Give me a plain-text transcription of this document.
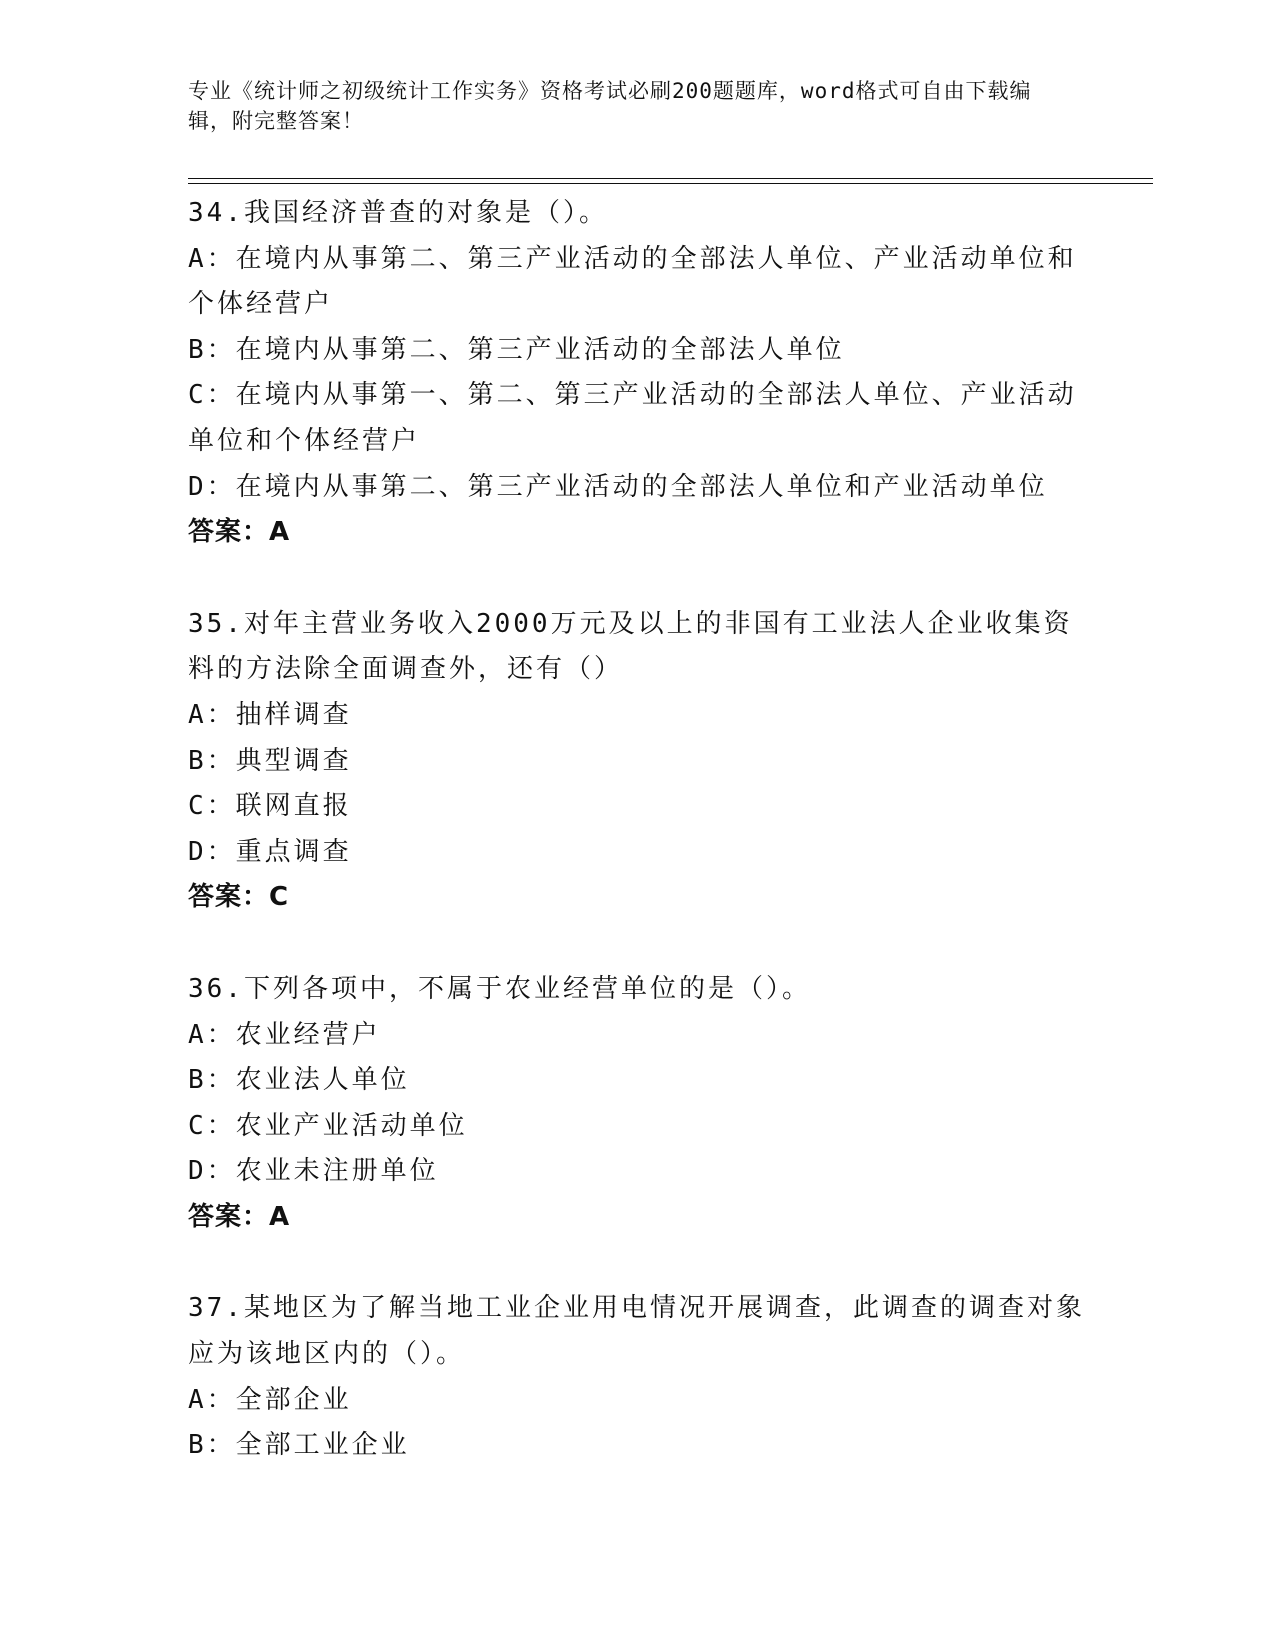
专业《统计师之初级统计工作实务》资格考试必刷200题题库，word格式可自由下载编辑，附完整答案！

34.我国经济普查的对象是（）。

A：在境内从事第二、第三产业活动的全部法人单位、产业活动单位和个体经营户

B：在境内从事第二、第三产业活动的全部法人单位

C：在境内从事第一、第二、第三产业活动的全部法人单位、产业活动单位和个体经营户

D：在境内从事第二、第三产业活动的全部法人单位和产业活动单位

答案：A

35.对年主营业务收入2000万元及以上的非国有工业法人企业收集资料的方法除全面调查外，还有（）

A：抽样调查

B：典型调查

C：联网直报

D：重点调查

答案：C

36.下列各项中，不属于农业经营单位的是（）。

A：农业经营户

B：农业法人单位

C：农业产业活动单位

D：农业未注册单位

答案：A

37.某地区为了解当地工业企业用电情况开展调查，此调查的调查对象应为该地区内的（）。

A：全部企业

B：全部工业企业
